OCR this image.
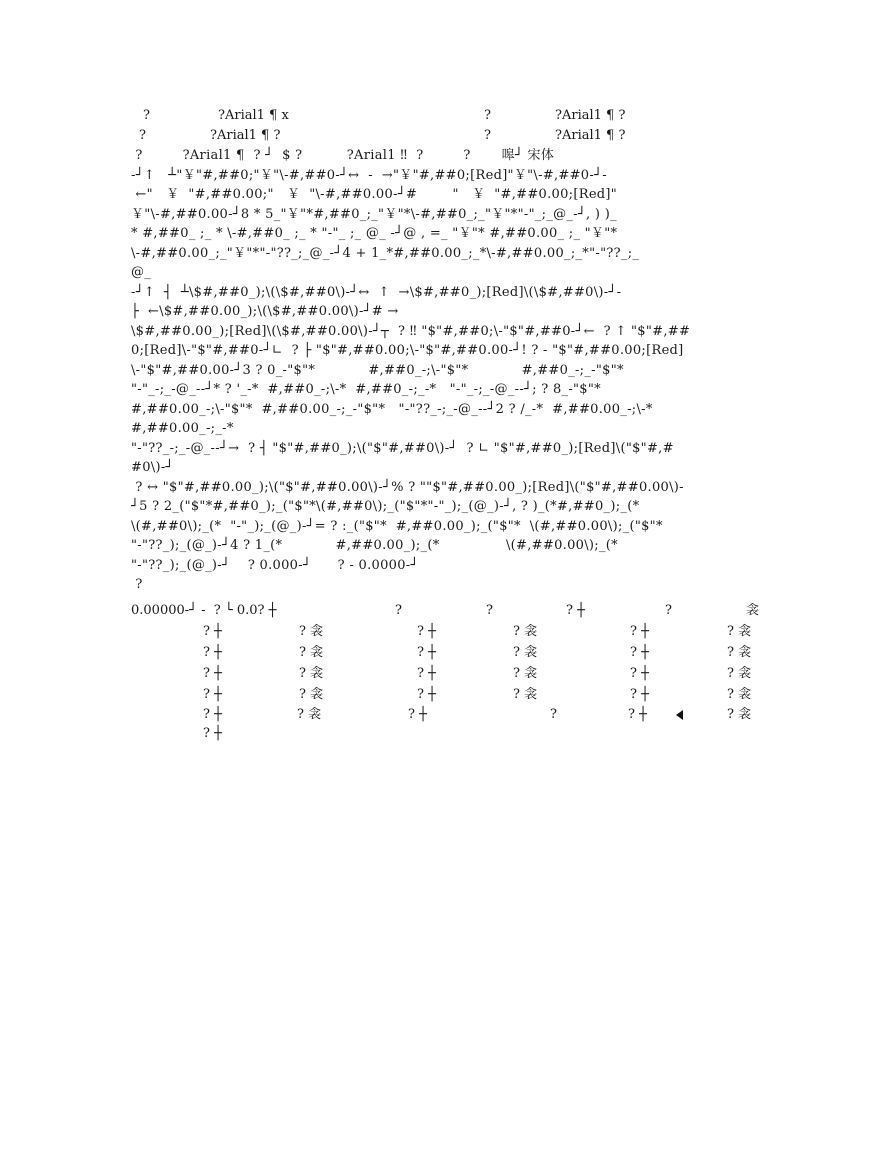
?	?Arial1 ¶ x	?	?Arial1 ¶ ?
?	?Arial1 ¶ ?	?	?Arial1 ¶ ?
?         ?Arial1 ¶  ? ┘  $ ?          ?Arial1 ‼  ?         ?       嗥┘ 宋体
-┘↑   ┴"￥"#,##0;"￥"\-#,##0-┘↔  -  →"￥"#,##0;[Red]"￥"\-#,##0-┘-
←"   ￥  "#,##0.00;"   ￥  "\-#,##0.00-┘#        "   ￥  "#,##0.00;[Red]"
￥"\-#,##0.00-┘8 * 5_"￥"*#,##0_;_"￥"*\-#,##0_;_"￥"*"-"_;_@_-┘, ) )_
* #,##0_ ;_ * \-#,##0_ ;_ * "-"_ ;_ @_ -┘@ , =_ "￥"* #,##0.00_ ;_ "￥"*
\-#,##0.00_;_"￥"*"-"??_;_@_-┘4 + 1_*#,##0.00_;_*\-#,##0.00_;_*"-"??_;_
@_
-┘↑  ┤  ┴\$#,##0_);\(\$#,##0\)-┘↔  ↑  →\$#,##0_);[Red]\(\$#,##0\)-┘-
├  ←\$#,##0.00_);\(\$#,##0.00\)-┘# →
\$#,##0.00_);[Red]\(\$#,##0.00\)-┘┬  ? ‼ "$"#,##0;\-"$"#,##0-┘←  ? ↑ "$"#,##
0;[Red]\-"$"#,##0-┘∟  ? ├ "$"#,##0.00;\-"$"#,##0.00-┘! ? - "$"#,##0.00;[Red]
\-"$"#,##0.00-┘3 ? 0_-"$"*            #,##0_-;\-"$"*            #,##0_-;_-"$"*
"-"_-;_-@_--┘* ? '_-*  #,##0_-;\-*  #,##0_-;_-*   "-"_-;_-@_--┘; ? 8_-"$"*
#,##0.00_-;\-"$"*  #,##0.00_-;_-"$"*   "-"??_-;_-@_--┘2 ? /_-*  #,##0.00_-;\-*
#,##0.00_-;_-*
"-"??_-;_-@_--┘→  ? ┤ "$"#,##0_);\("$"#,##0\)-┘  ? ∟ "$"#,##0_);[Red]\("$"#,#
#0\)-┘
? ↔ "$"#,##0.00_);\("$"#,##0.00\)-┘% ? ""$"#,##0.00_);[Red]\("$"#,##0.00\)-
┘5 ? 2_("$"*#,##0_);_("$"*\(#,##0\);_("$"*"-"_);_(@_)-┘, ? )_(*#,##0_);_(*
\(#,##0\);_(*  "-"_);_(@_)-┘= ? :_("$"*  #,##0.00_);_("$"*  \(#,##0.00\);_("$"*
"-"??_);_(@_)-┘4 ? 1_(*            #,##0.00_);_(*               \(#,##0.00\);_(*
"-"??_);_(@_)-┘    ? 0.000-┘      ? - 0.0000-┘
?
0.00000-┘ -  ? └ 0.0? ┼	?	?	? ┼	?	衾
? ┼	? 衾	? ┼	? 衾	? ┼	? 衾
? ┼	? 衾	? ┼	? 衾	? ┼	? 衾
? ┼	? 衾	? ┼	? 衾	? ┼	? 衾
? ┼	? 衾	? ┼	? 衾	? ┼	? 衾
? ┼	? 衾	? ┼	?	? ┼	? 衾
? ┼
